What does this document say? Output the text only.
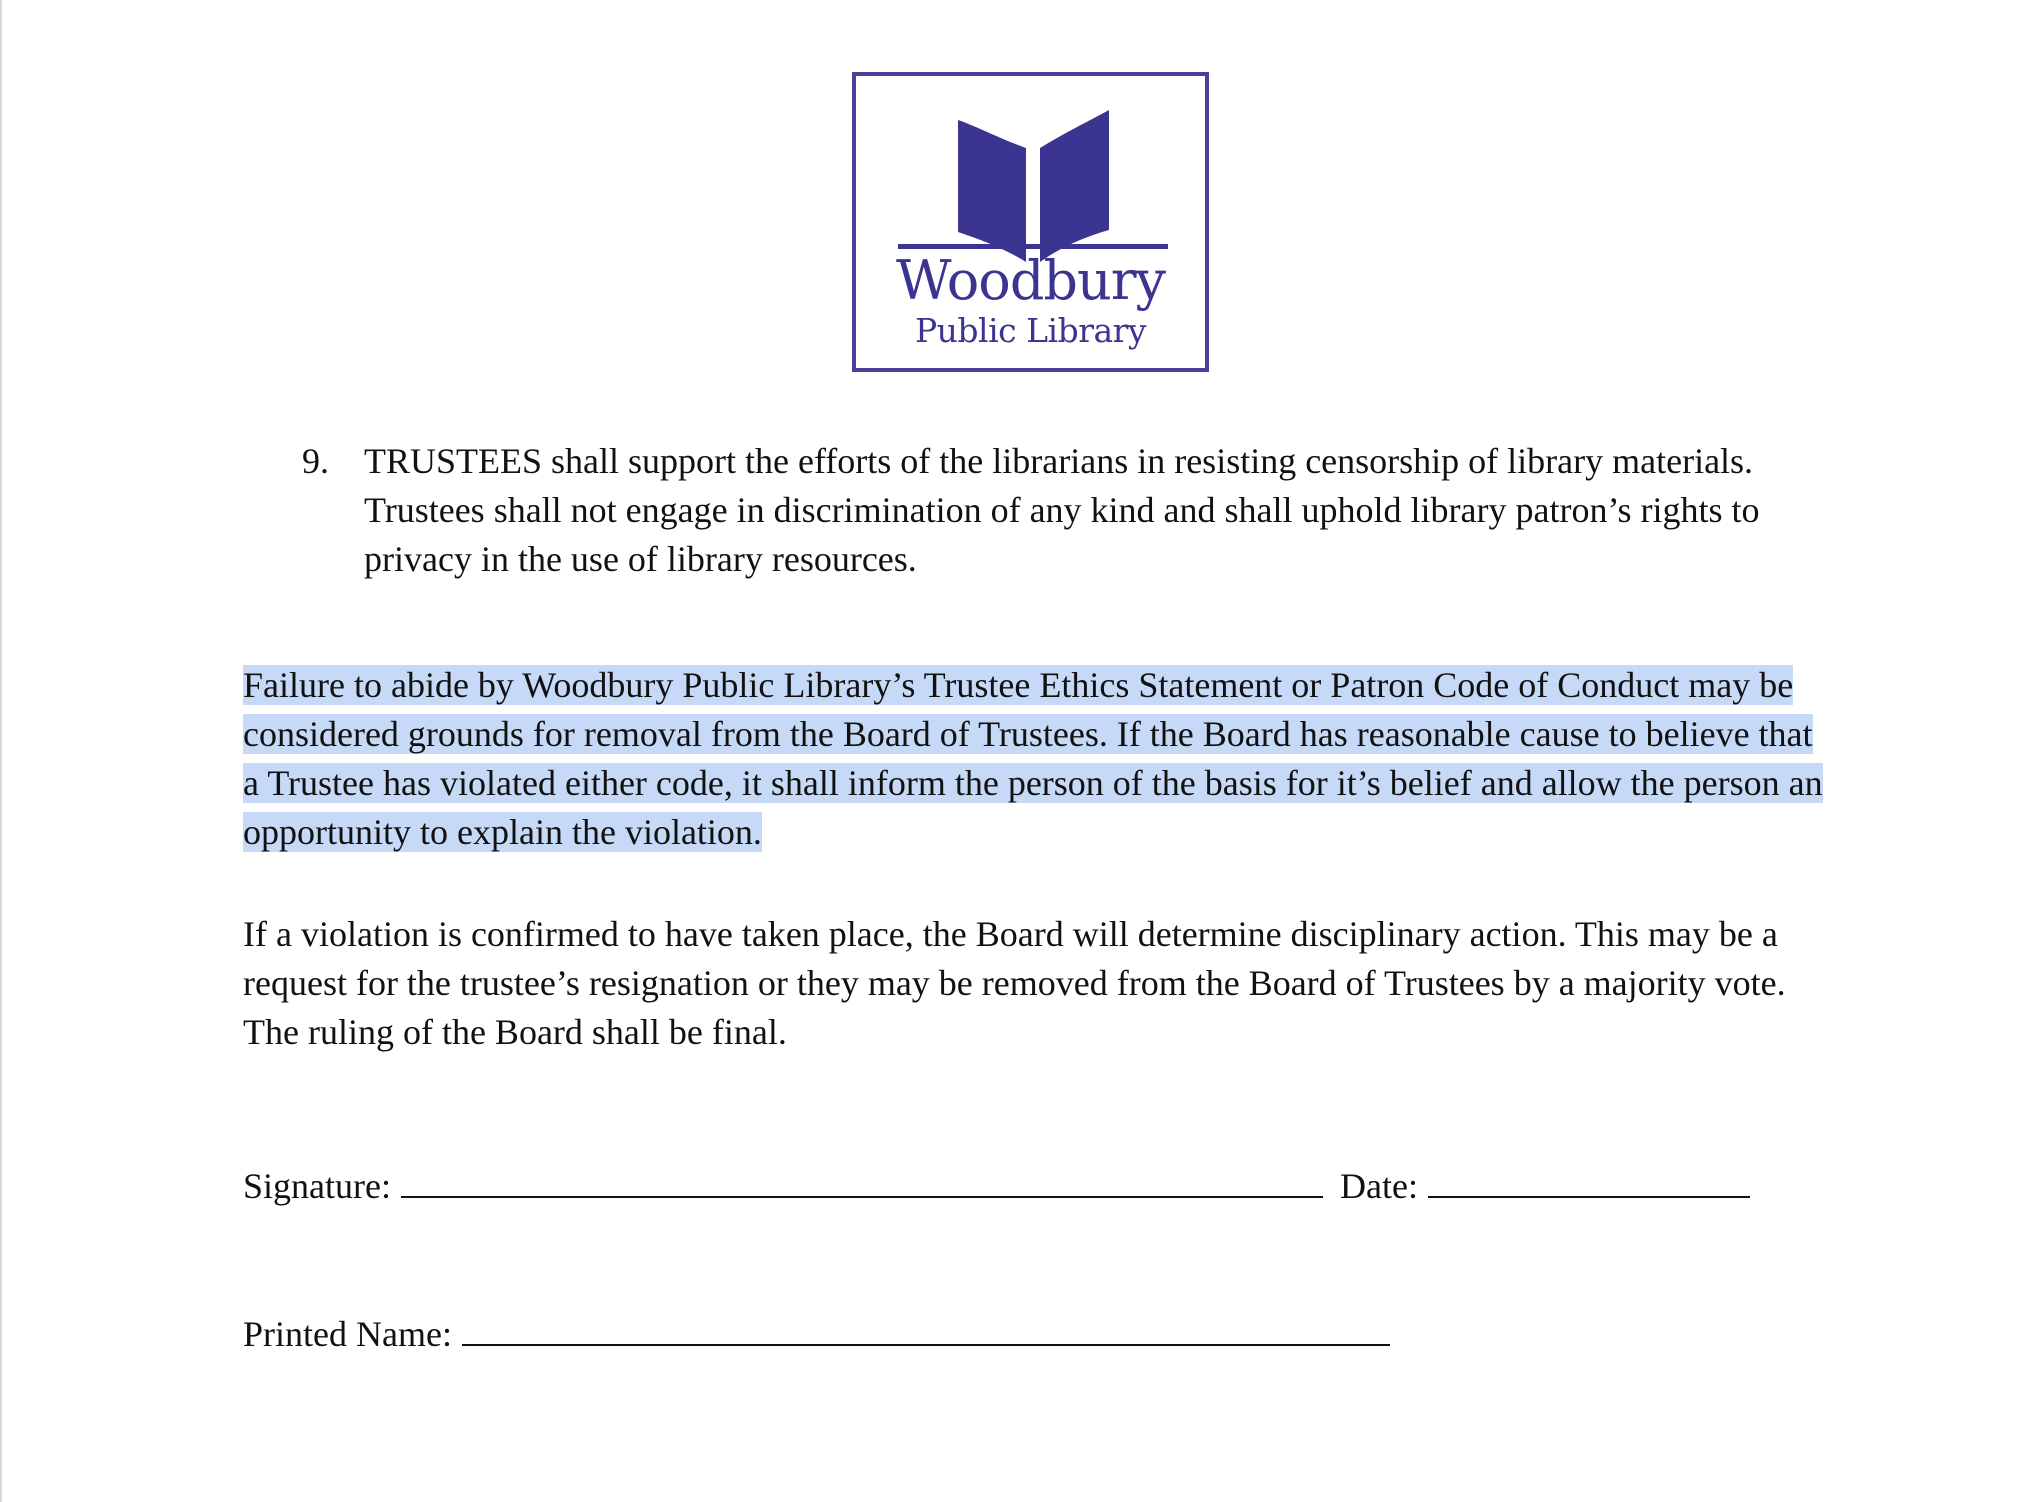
Woodbury
Public Library
9. TRUSTEES shall support the efforts of the librarians in resisting censorship of library materials. Trustees shall not engage in discrimination of any kind and shall uphold library patron’s rights to privacy in the use of library resources.
Failure to abide by Woodbury Public Library’s Trustee Ethics Statement or Patron Code of Conduct may be considered grounds for removal from the Board of Trustees. If the Board has reasonable cause to believe that a Trustee has violated either code, it shall inform the person of the basis for it’s belief and allow the person an opportunity to explain the violation.
If a violation is confirmed to have taken place, the Board will determine disciplinary action. This may be a request for the trustee’s resignation or they may be removed from the Board of Trustees by a majority vote. The ruling of the Board shall be final.
Signature:	Date:
Printed Name:
